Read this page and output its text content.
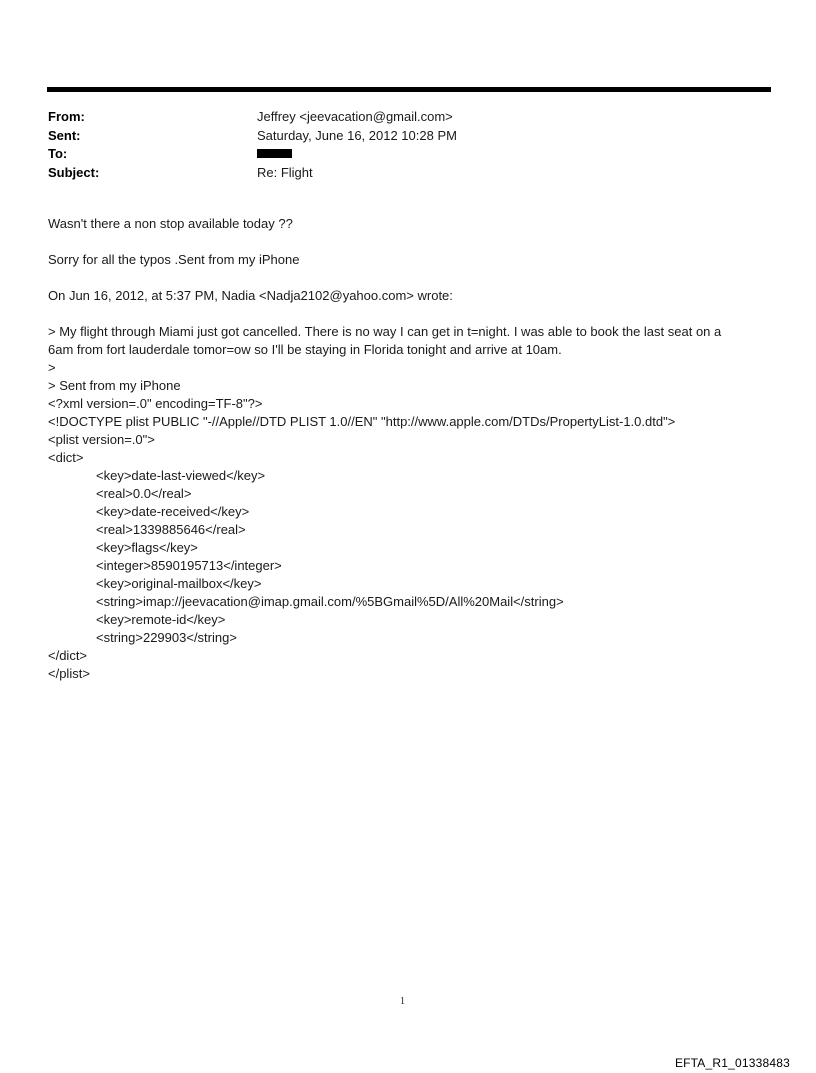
From:	Jeffrey <jeevacation@gmail.com>
Sent:	Saturday, June 16, 2012 10:28 PM
To:
Subject:	Re: Flight

Wasn't there a non stop available today ??

Sorry for all the typos .Sent from my iPhone

On Jun 16, 2012, at 5:37 PM, Nadia <Nadja2102@yahoo.com> wrote:

> My flight through Miami just got cancelled. There is no way I can get in t=night. I was able to book the last seat on a

6am from fort lauderdale tomor=ow so I'll be staying in Florida tonight and arrive at 10am.

>

> Sent from my iPhone

<?xml version=.0" encoding=TF-8"?>

<!DOCTYPE plist PUBLIC "-//Apple//DTD PLIST 1.0//EN" "http://www.apple.com/DTDs/PropertyList-1.0.dtd">

<plist version=.0">

<dict>

<key>date-last-viewed</key>

<real>0.0</real>

<key>date-received</key>

<real>1339885646</real>

<key>flags</key>

<integer>8590195713</integer>

<key>original-mailbox</key>

<string>imap://jeevacation@imap.gmail.com/%5BGmail%5D/All%20Mail</string>

<key>remote-id</key>

<string>229903</string>

</dict>

</plist>

1
EFTA_R1_01338483
